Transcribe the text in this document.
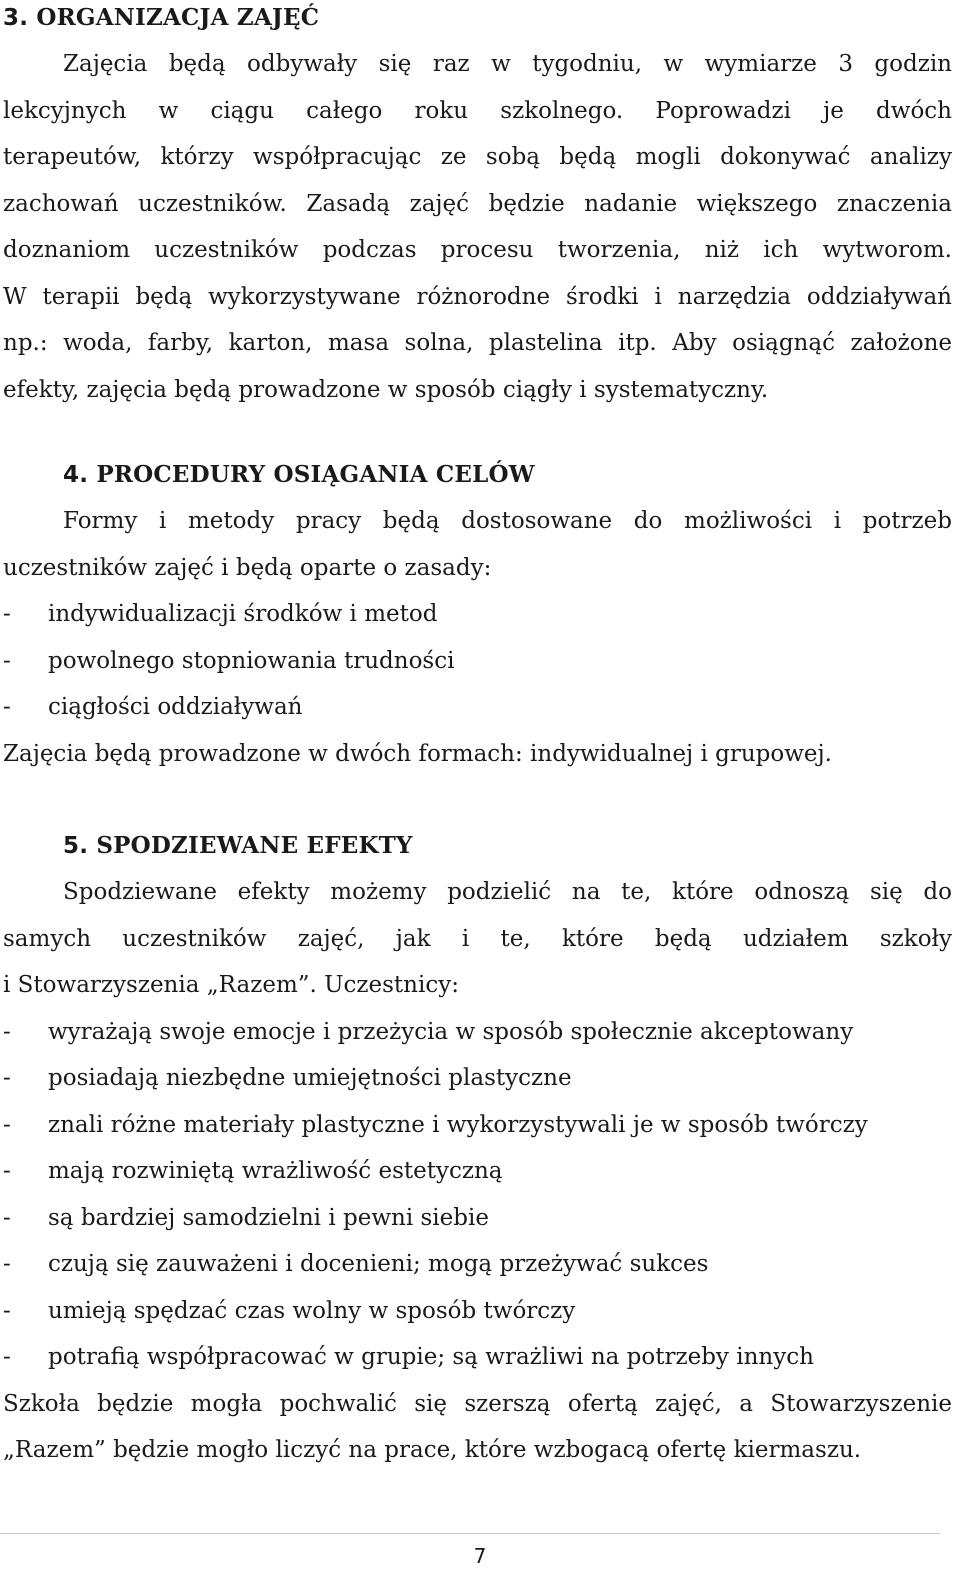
3. ORGANIZACJA ZAJĘĆ
Zajęcia będą odbywały się raz w tygodniu, w wymiarze 3 godzin
lekcyjnych w ciągu całego roku szkolnego. Poprowadzi je dwóch
terapeutów, którzy współpracując ze sobą będą mogli dokonywać analizy
zachowań uczestników. Zasadą zajęć będzie nadanie większego znaczenia
doznaniom uczestników podczas procesu tworzenia, niż ich wytworom.
W terapii będą wykorzystywane różnorodne środki i narzędzia oddziaływań
np.: woda, farby, karton, masa solna, plastelina itp. Aby osiągnąć założone
efekty, zajęcia będą prowadzone w sposób ciągły i systematyczny.
4. PROCEDURY OSIĄGANIA CELÓW
Formy i metody pracy będą dostosowane do możliwości i potrzeb
uczestników zajęć i będą oparte o zasady:
-	indywidualizacji środków i metod
-	powolnego stopniowania trudności
-	ciągłości oddziaływań
Zajęcia będą prowadzone w dwóch formach: indywidualnej i grupowej.
5. SPODZIEWANE EFEKTY
Spodziewane efekty możemy podzielić na te, które odnoszą się do
samych uczestników zajęć, jak i te, które będą udziałem szkoły
i Stowarzyszenia „Razem”. Uczestnicy:
-	wyrażają swoje emocje i przeżycia w sposób społecznie akceptowany
-	posiadają niezbędne umiejętności plastyczne
-	znali różne materiały plastyczne i wykorzystywali je w sposób twórczy
-	mają rozwiniętą wrażliwość estetyczną
-	są bardziej samodzielni i pewni siebie
-	czują się zauważeni i docenieni; mogą przeżywać sukces
-	umieją spędzać czas wolny w sposób twórczy
-	potrafią współpracować w grupie; są wrażliwi na potrzeby innych
Szkoła będzie mogła pochwalić się szerszą ofertą zajęć, a Stowarzyszenie
„Razem” będzie mogło liczyć na prace, które wzbogacą ofertę kiermaszu.
7
